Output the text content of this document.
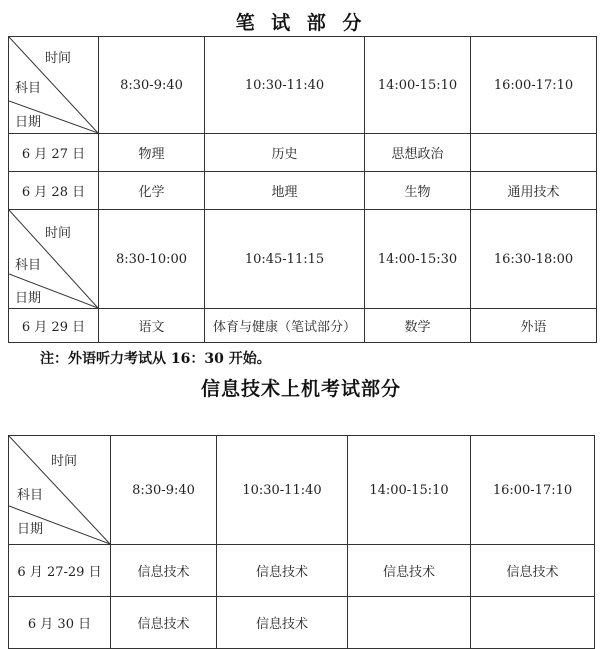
笔 试 部 分
时间
科目
日期	8:30-9:40	10:30-11:40	14:00-15:10	16:00-17:10
6 月 27 日	物理	历史	思想政治	
6 月 28 日	化学	地理	生物	通用技术

时间
科目
日期	8:30-10:00	10:45-11:15	14:00-15:30	16:30-18:00
6 月 29 日	语文	体育与健康（笔试部分）	数学	外语
注：外语听力考试从 16：30 开始。
信息技术上机考试部分
时间
科目
日期	8:30-9:40	10:30-11:40	14:00-15:10	16:00-17:10
6 月 27-29 日	信息技术	信息技术	信息技术	信息技术
6 月 30 日	信息技术	信息技术		
